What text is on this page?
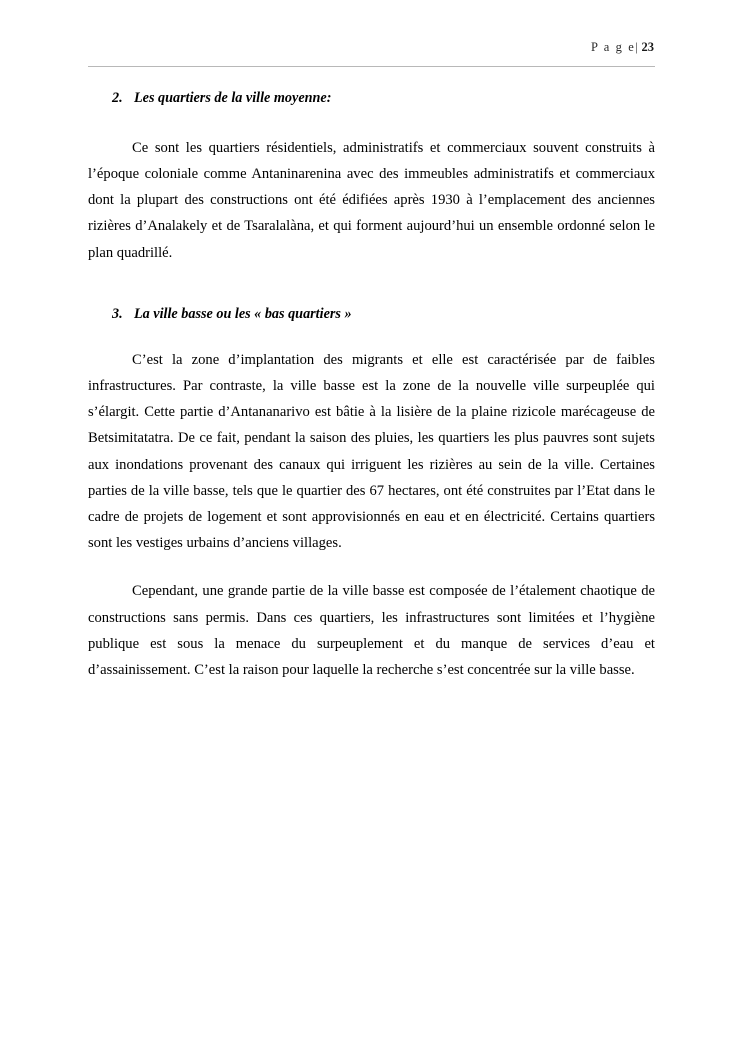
P a g e| 23
2. Les quartiers de la ville moyenne:

Ce sont les quartiers résidentiels, administratifs et commerciaux souvent construits à l’époque coloniale comme Antaninarenina avec des immeubles administratifs et commerciaux dont la plupart des constructions ont été édifiées après 1930 à l’emplacement des anciennes rizières d’Analakely et de Tsaralalàna, et qui forment aujourd’hui un ensemble ordonné selon le plan quadrillé.

3. La ville basse ou les « bas quartiers »

C’est la zone d’implantation des migrants et elle est caractérisée par de faibles infrastructures. Par contraste, la ville basse est la zone de la nouvelle ville surpeuplée qui s’élargit. Cette partie d’Antananarivo est bâtie à la lisière de la plaine rizicole marécageuse de Betsimitatatra. De ce fait, pendant la saison des pluies, les quartiers les plus pauvres sont sujets aux inondations provenant des canaux qui irriguent les rizières au sein de la ville. Certaines parties de la ville basse, tels que le quartier des 67 hectares, ont été construites par l’Etat dans le cadre de projets de logement et sont approvisionnés en eau et en électricité. Certains quartiers sont les vestiges urbains d’anciens villages.

Cependant, une grande partie de la ville basse est composée de l’étalement chaotique de constructions sans permis. Dans ces quartiers, les infrastructures sont limitées et l’hygiène publique est sous la menace du surpeuplement et du manque de services d’eau et d’assainissement. C’est la raison pour laquelle la recherche s’est concentrée sur la ville basse.
